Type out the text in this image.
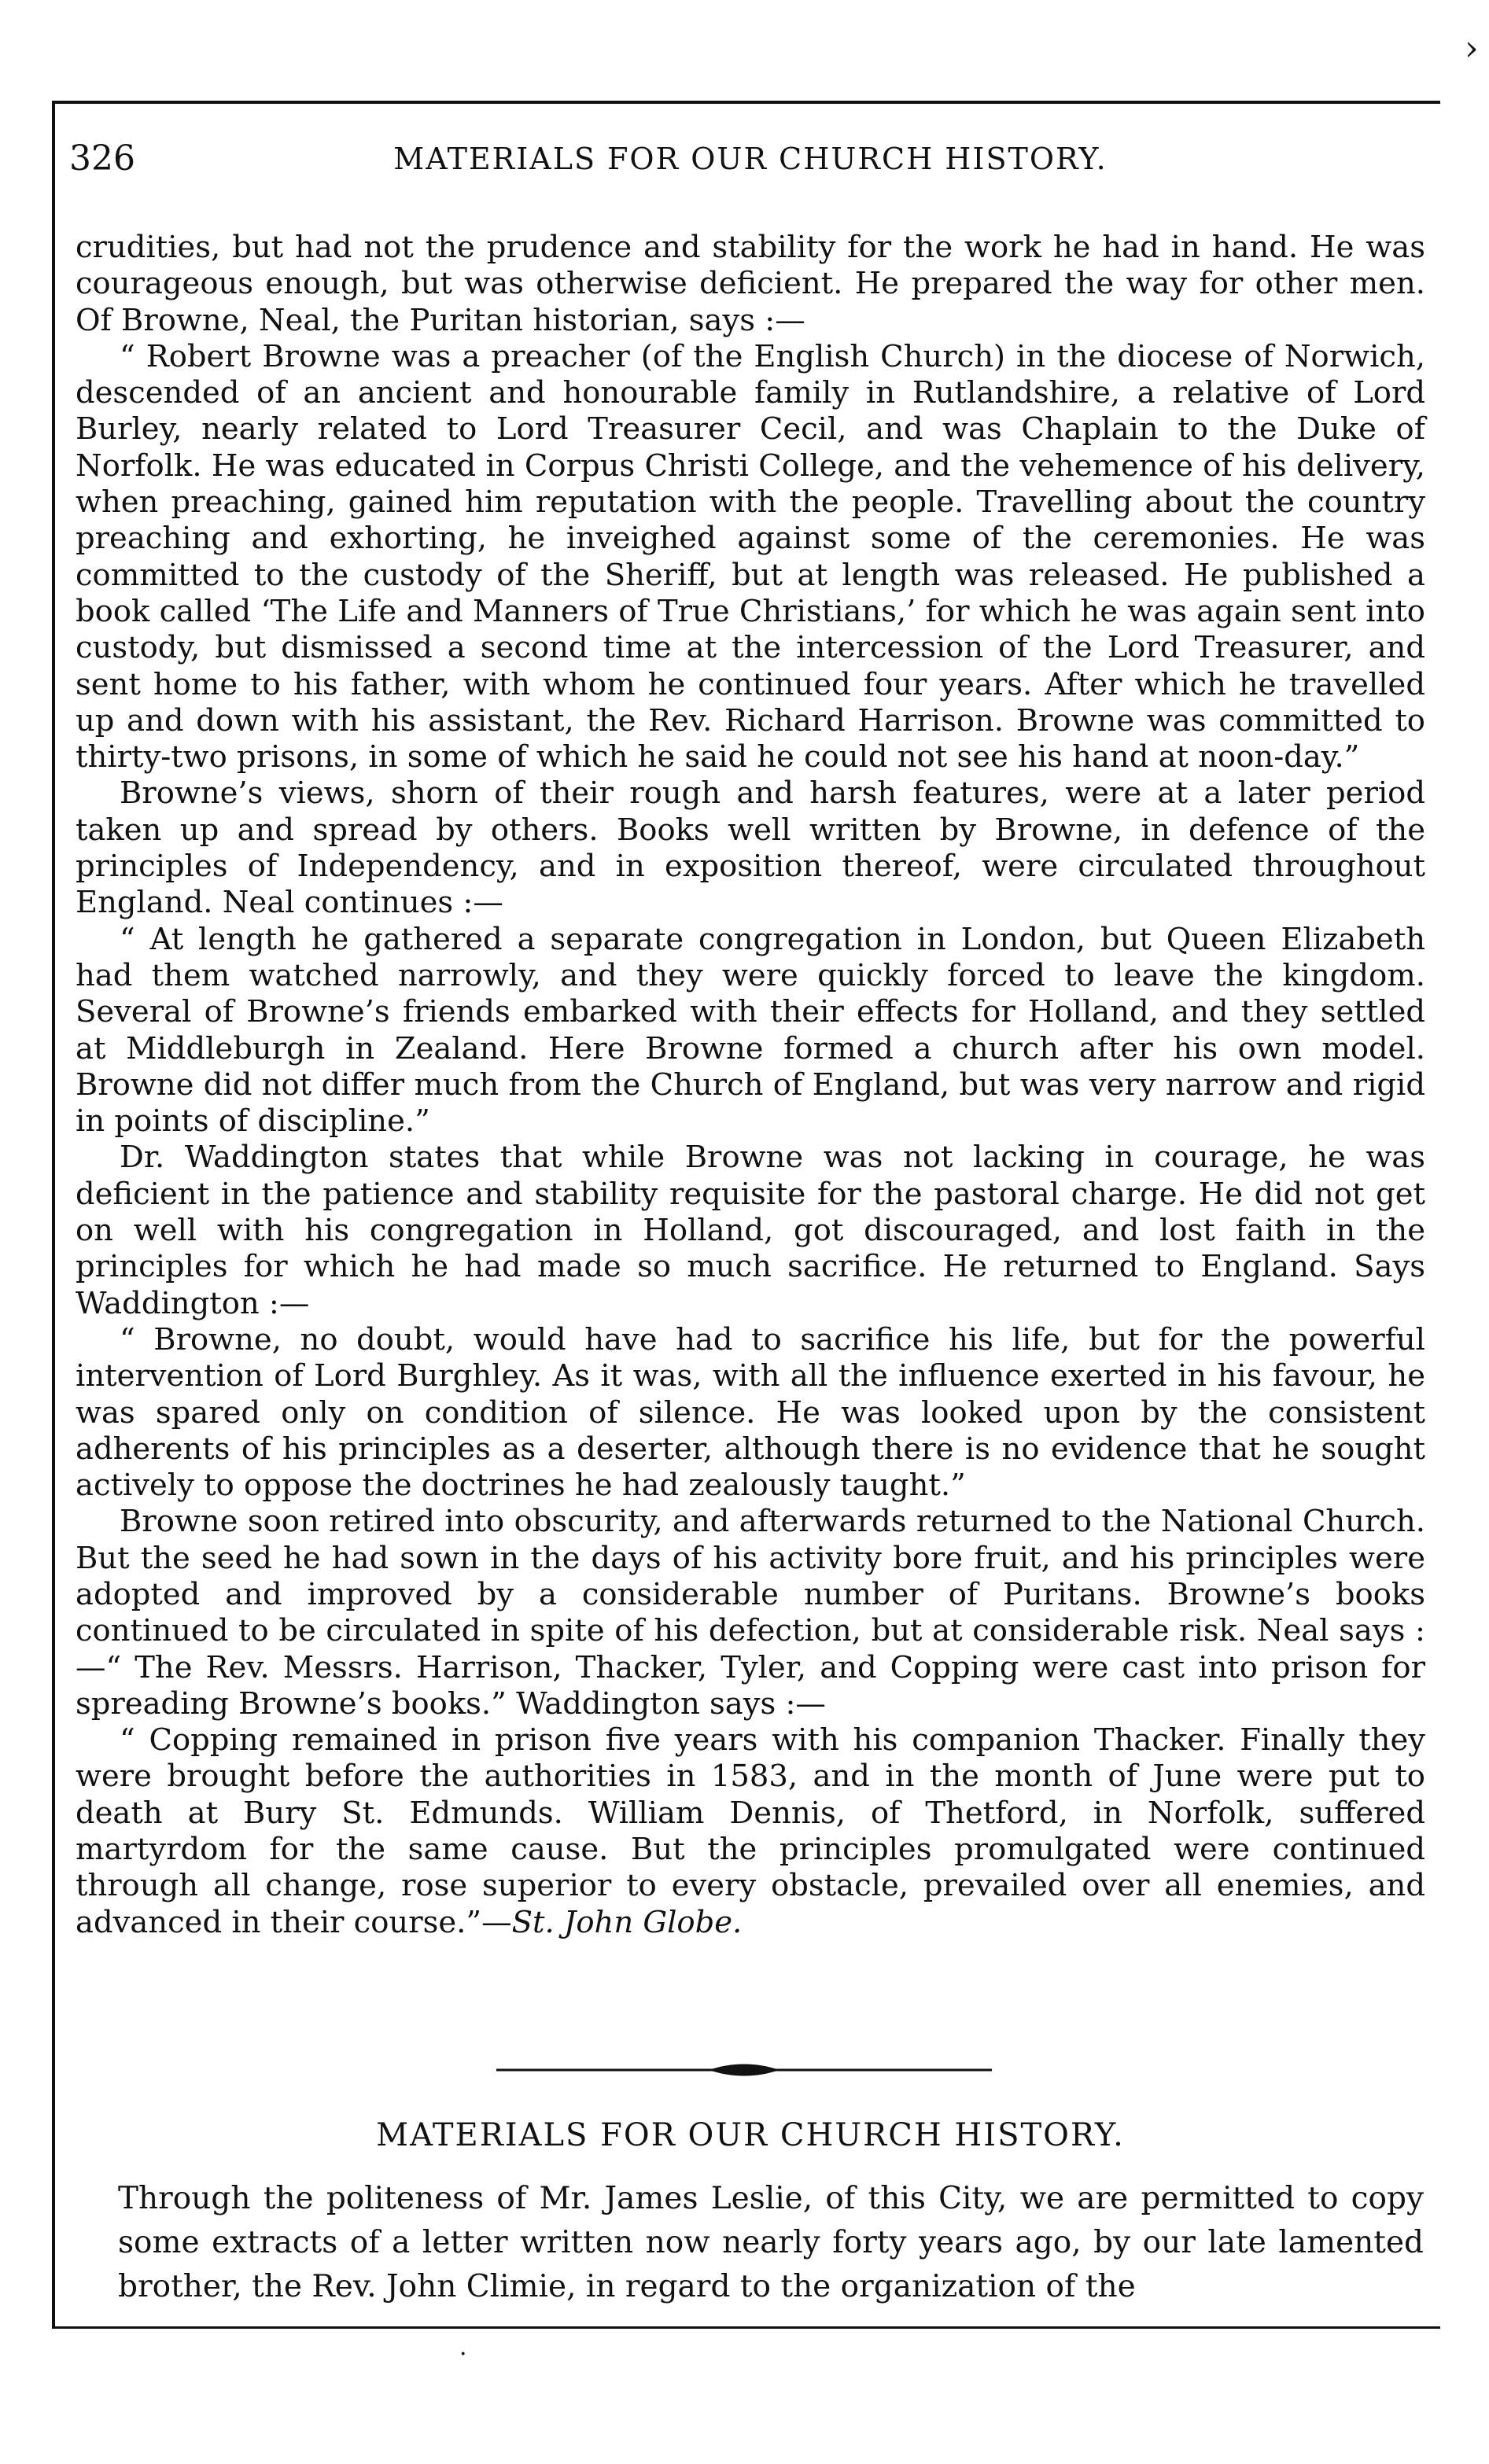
›
326	MATERIALS FOR OUR CHURCH HISTORY.

crudities, but had not the prudence and stability for the work he had in hand. He was courageous enough, but was otherwise deficient. He prepared the way for other men. Of Browne, Neal, the Puritan historian, says :—

“ Robert Browne was a preacher (of the English Church) in the diocese of Norwich, descended of an ancient and honourable family in Rutlandshire, a relative of Lord Burley, nearly related to Lord Treasurer Cecil, and was Chaplain to the Duke of Norfolk. He was educated in Corpus Christi College, and the vehemence of his delivery, when preaching, gained him reputation with the people. Travelling about the country preaching and exhorting, he inveighed against some of the ceremonies. He was committed to the custody of the Sheriff, but at length was released. He published a book called ‘The Life and Manners of True Christians,’ for which he was again sent into custody, but dismissed a second time at the intercession of the Lord Treasurer, and sent home to his father, with whom he continued four years. After which he travelled up and down with his assistant, the Rev. Richard Harrison. Browne was committed to thirty-two prisons, in some of which he said he could not see his hand at noon-day.”

Browne’s views, shorn of their rough and harsh features, were at a later period taken up and spread by others. Books well written by Browne, in defence of the principles of Independency, and in exposition thereof, were circulated throughout England. Neal continues :—

“ At length he gathered a separate congregation in London, but Queen Elizabeth had them watched narrowly, and they were quickly forced to leave the kingdom. Several of Browne’s friends embarked with their effects for Holland, and they settled at Middleburgh in Zealand. Here Browne formed a church after his own model. Browne did not differ much from the Church of England, but was very narrow and rigid in points of discipline.”

Dr. Waddington states that while Browne was not lacking in courage, he was deficient in the patience and stability requisite for the pastoral charge. He did not get on well with his congregation in Holland, got discouraged, and lost faith in the principles for which he had made so much sacrifice. He returned to England. Says Waddington :—

“ Browne, no doubt, would have had to sacrifice his life, but for the powerful intervention of Lord Burghley. As it was, with all the influence exerted in his favour, he was spared only on condition of silence. He was looked upon by the consistent adherents of his principles as a deserter, although there is no evidence that he sought actively to oppose the doctrines he had zealously taught.”

Browne soon retired into obscurity, and afterwards returned to the National Church. But the seed he had sown in the days of his activity bore fruit, and his principles were adopted and improved by a considerable number of Puritans. Browne’s books continued to be circulated in spite of his defection, but at considerable risk. Neal says :—“ The Rev. Messrs. Harrison, Thacker, Tyler, and Copping were cast into prison for spreading Browne’s books.” Waddington says :—

“ Copping remained in prison five years with his companion Thacker. Finally they were brought before the authorities in 1583, and in the month of June were put to death at Bury St. Edmunds. William Dennis, of Thetford, in Norfolk, suffered martyrdom for the same cause. But the principles promulgated were continued through all change, rose superior to every obstacle, prevailed over all enemies, and advanced in their course.”—St. John Globe.

MATERIALS FOR OUR CHURCH HISTORY.

Through the politeness of Mr. James Leslie, of this City, we are permitted to copy some extracts of a letter written now nearly forty years ago, by our late lamented brother, the Rev. John Climie, in regard to the organization of the

·
